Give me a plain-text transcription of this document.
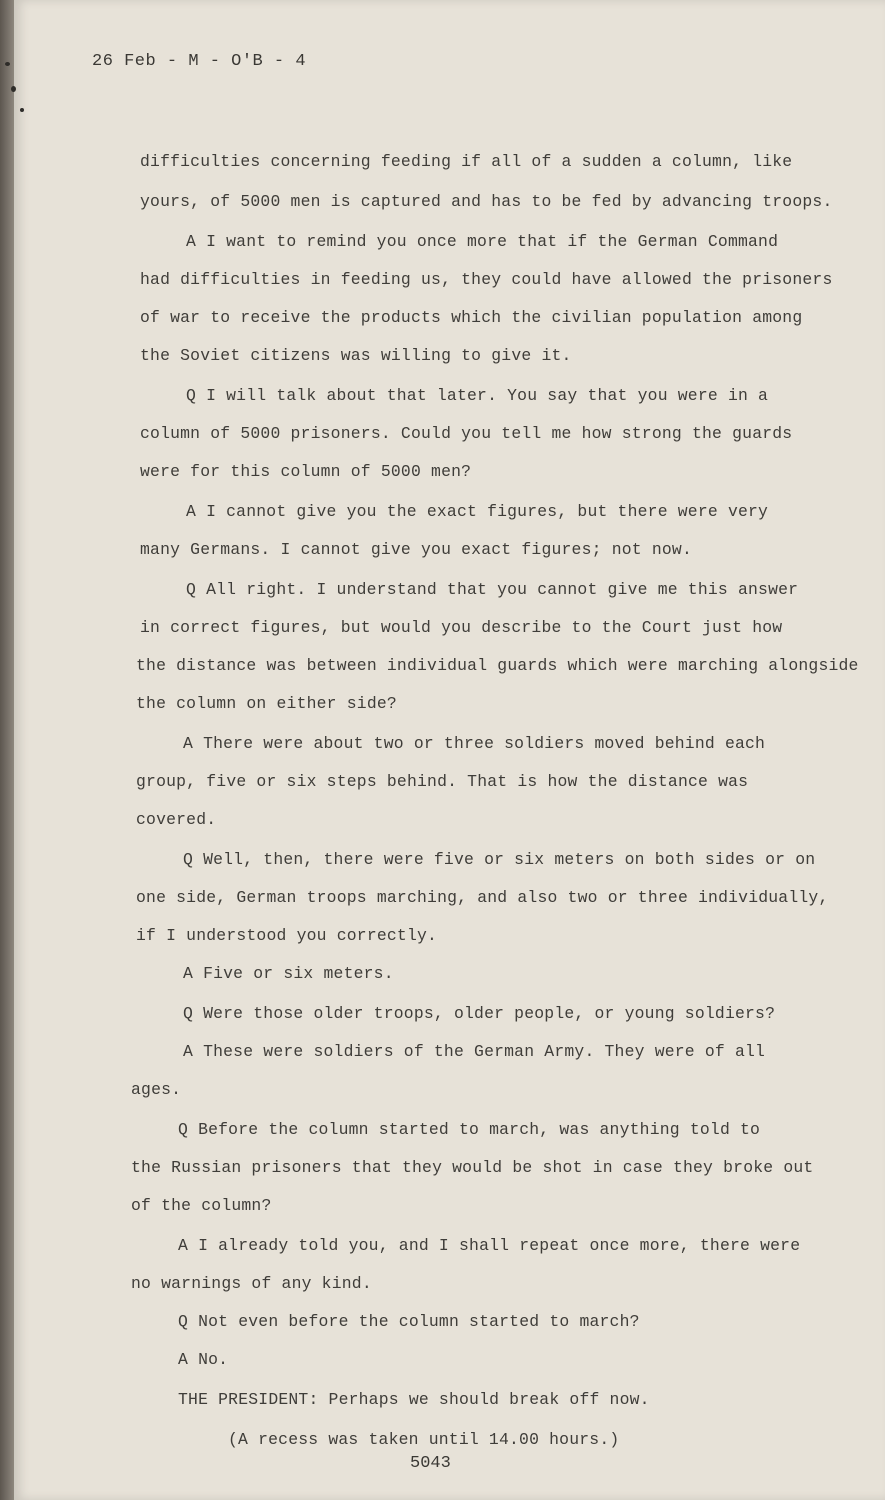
26 Feb - M - O'B - 4
difficulties concerning feeding if all of a sudden a column, like
yours, of 5000 men is captured and has to be fed by advancing troops.
A I want to remind you once more that if the German Command
had difficulties in feeding us, they could have allowed the prisoners
of war to receive the products which the civilian population among
the Soviet citizens was willing to give it.
Q I will talk about that later. You say that you were in a
column of 5000 prisoners. Could you tell me how strong the guards
were for this column of 5000 men?
A I cannot give you the exact figures, but there were very
many Germans. I cannot give you exact figures; not now.
Q All right. I understand that you cannot give me this answer
in correct figures, but would you describe to the Court just how
the distance was between individual guards which were marching alongside
the column on either side?
A There were about two or three soldiers moved behind each
group, five or six steps behind. That is how the distance was
covered.
Q Well, then, there were five or six meters on both sides or on
one side, German troops marching, and also two or three individually,
if I understood you correctly.
A Five or six meters.
Q Were those older troops, older people, or young soldiers?
A These were soldiers of the German Army. They were of all
ages.
Q Before the column started to march, was anything told to
the Russian prisoners that they would be shot in case they broke out
of the column?
A I already told you, and I shall repeat once more, there were
no warnings of any kind.
Q Not even before the column started to march?
A No.
THE PRESIDENT: Perhaps we should break off now.
(A recess was taken until 14.00 hours.)
5043
